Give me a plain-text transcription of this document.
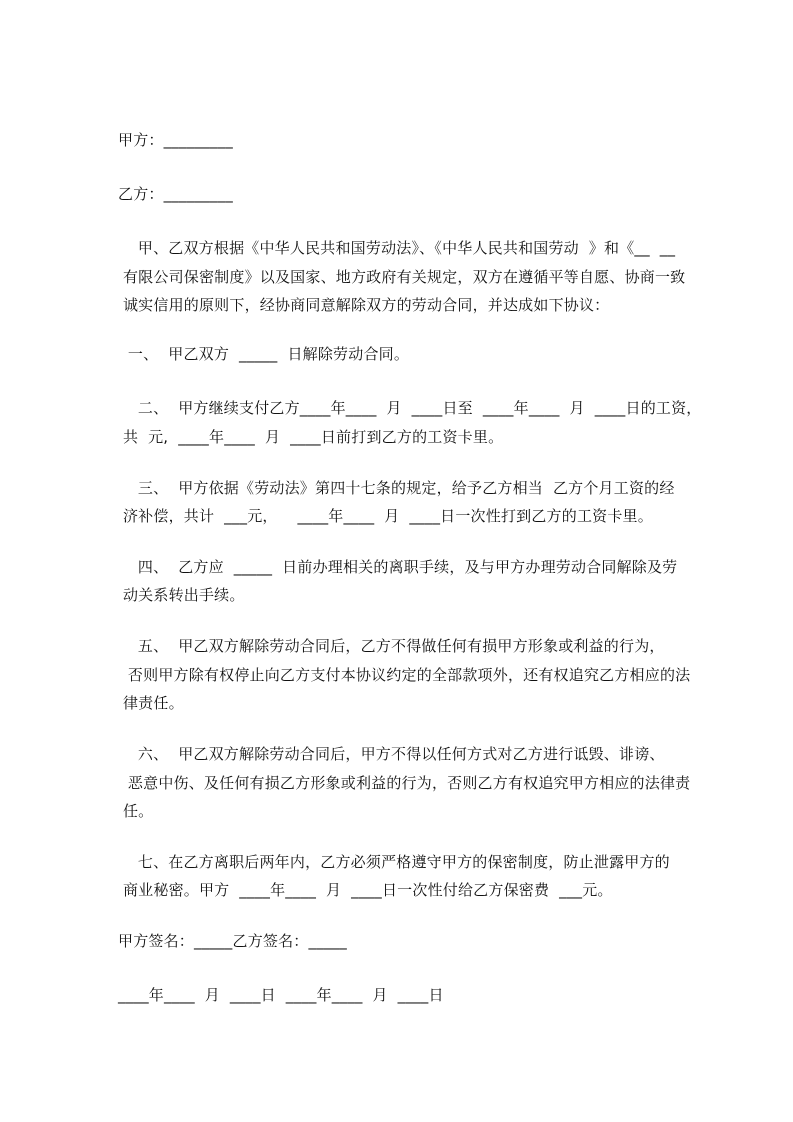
甲方：_________
乙方：_________
甲、乙双方根据《中华人民共和国劳动法》、《中华人民共和国劳动  》和《__  __
有限公司保密制度》以及国家、地方政府有关规定，双方在遵循平等自愿、协商一致
诚实信用的原则下，经协商同意解除双方的劳动合同，并达成如下协议：
一、  甲乙双方  _____  日解除劳动合同。
二、  甲方继续支付乙方____年____  月  ____日至  ____年____  月  ____日的工资，
共  元,  ____年____  月  ____日前打到乙方的工资卡里。
三、  甲方依据《劳动法》第四十七条的规定，给予乙方相当  乙方个月工资的经
济补偿，共计  ___元，    ____年____  月  ____日一次性打到乙方的工资卡里。
四、  乙方应  _____  日前办理相关的离职手续，及与甲方办理劳动合同解除及劳
动关系转出手续。
五、  甲乙双方解除劳动合同后，乙方不得做任何有损甲方形象或利益的行为，
否则甲方除有权停止向乙方支付本协议约定的全部款项外，还有权追究乙方相应的法
律责任。
六、  甲乙双方解除劳动合同后，甲方不得以任何方式对乙方进行诋毁、诽谤、
恶意中伤、及任何有损乙方形象或利益的行为，否则乙方有权追究甲方相应的法律责
任。
七、在乙方离职后两年内，乙方必须严格遵守甲方的保密制度，防止泄露甲方的
商业秘密。甲方  ____年____  月  ____日一次性付给乙方保密费  ___元。
甲方签名：_____乙方签名：_____
____年____  月  ____日  ____年____  月  ____日
